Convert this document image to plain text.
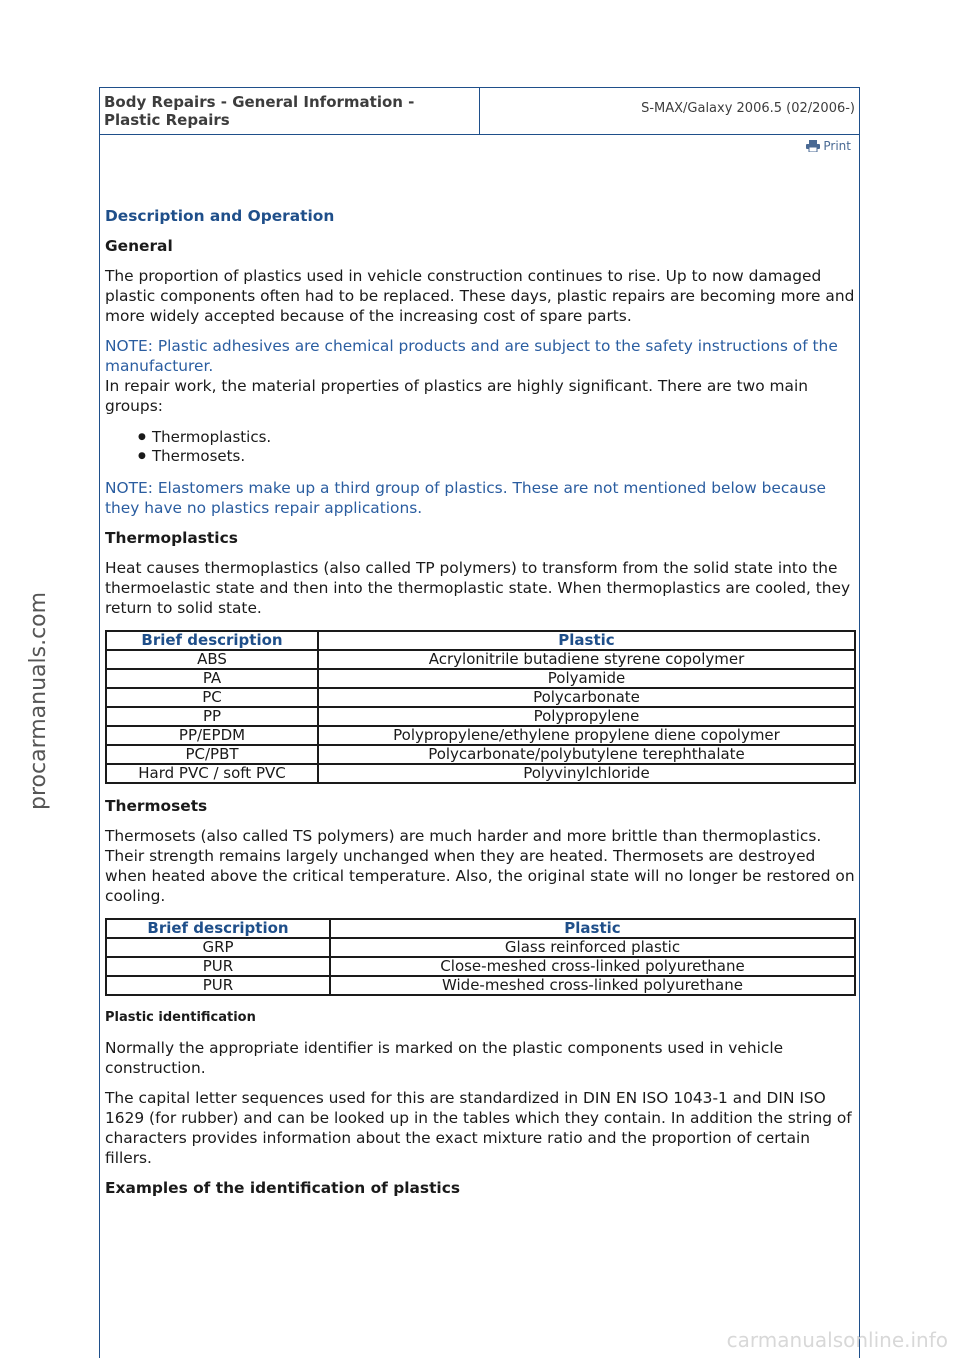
Body Repairs - General Information -
Plastic Repairs
S-MAX/Galaxy 2006.5 (02/2006-)
Print
Description and Operation
General
The proportion of plastics used in vehicle construction continues to rise. Up to now damaged plastic components often had to be replaced. These days, plastic repairs are becoming more and more widely accepted because of the increasing cost of spare parts.
NOTE: Plastic adhesives are chemical products and are subject to the safety instructions of the manufacturer.
In repair work, the material properties of plastics are highly significant. There are two main groups:
● Thermoplastics.
● Thermosets.
NOTE: Elastomers make up a third group of plastics. These are not mentioned below because they have no plastics repair applications.
Thermoplastics
Heat causes thermoplastics (also called TP polymers) to transform from the solid state into the thermoelastic state and then into the thermoplastic state. When thermoplastics are cooled, they return to solid state.
Brief description	Plastic
ABS	Acrylonitrile butadiene styrene copolymer
PA	Polyamide
PC	Polycarbonate
PP	Polypropylene
PP/EPDM	Polypropylene/ethylene propylene diene copolymer
PC/PBT	Polycarbonate/polybutylene terephthalate
Hard PVC / soft PVC	Polyvinylchloride
Thermosets
Thermosets (also called TS polymers) are much harder and more brittle than thermoplastics. Their strength remains largely unchanged when they are heated. Thermosets are destroyed when heated above the critical temperature. Also, the original state will no longer be restored on cooling.
Brief description	Plastic
GRP	Glass reinforced plastic
PUR	Close-meshed cross-linked polyurethane
PUR	Wide-meshed cross-linked polyurethane
Plastic identification
Normally the appropriate identifier is marked on the plastic components used in vehicle construction.
The capital letter sequences used for this are standardized in DIN EN ISO 1043-1 and DIN ISO 1629 (for rubber) and can be looked up in the tables which they contain. In addition the string of characters provides information about the exact mixture ratio and the proportion of certain fillers.
Examples of the identification of plastics
procarmanuals.com
carmanualsonline.info
